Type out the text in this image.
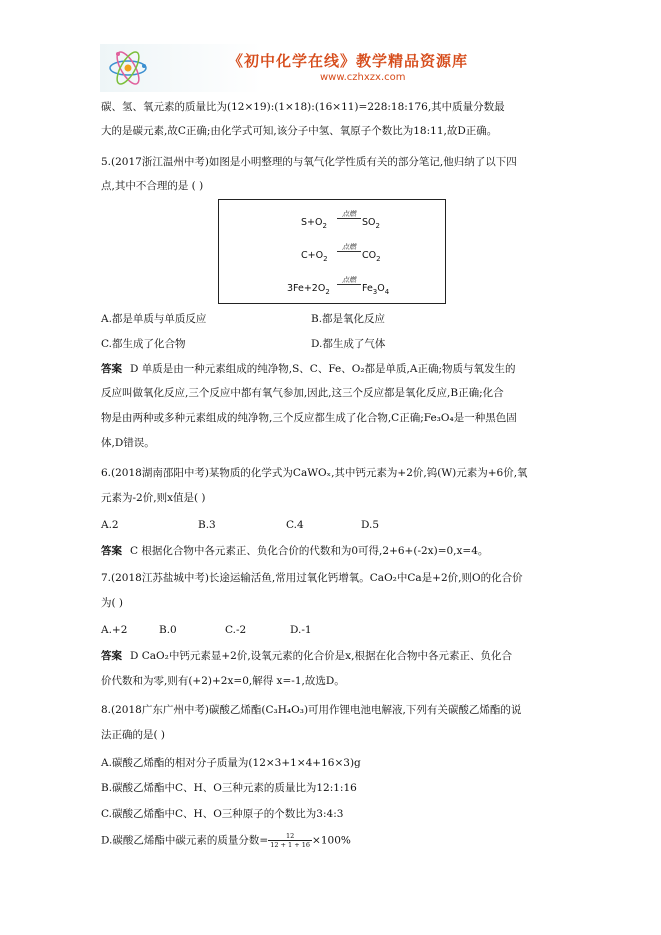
《初中化学在线》教学精品资源库
www.czhxzx.com
碳、氢、氧元素的质量比为(12×19):(1×18):(16×11)=228:18:176,其中质量分数最
大的是碳元素,故C正确;由化学式可知,该分子中氢、氧原子个数比为18:11,故D正确。
5.(2017浙江温州中考)如图是小明整理的与氧气化学性质有关的部分笔记,他归纳了以下四
点,其中不合理的是 ( )
$S+O_2$
点燃
$SO_2$
$C+O_2$
点燃
$CO_2$
$3Fe+2O_2$
点燃
$Fe_3O_4$
A.都是单质与单质反应	B.都是氧化反应
C.都生成了化合物	D.都生成了气体
答案 D 单质是由一种元素组成的纯净物,S、C、Fe、O₂都是单质,A正确;物质与氧发生的
反应叫做氧化反应,三个反应中都有氧气参加,因此,这三个反应都是氧化反应,B正确;化合
物是由两种或多种元素组成的纯净物,三个反应都生成了化合物,C正确;Fe₃O₄是一种黑色固
体,D错误。
6.(2018湖南邵阳中考)某物质的化学式为CaWOₓ,其中钙元素为+2价,钨(W)元素为+6价,氧
元素为-2价,则x值是( )
A.2	B.3	C.4	D.5
答案 C 根据化合物中各元素正、负化合价的代数和为0可得,2+6+(-2x)=0,x=4。
7.(2018江苏盐城中考)长途运输活鱼,常用过氧化钙增氧。CaO₂中Ca是+2价,则O的化合价
为( )
A.+2	B.0	C.-2	D.-1
答案 D CaO₂中钙元素显+2价,设氧元素的化合价是x,根据在化合物中各元素正、负化合
价代数和为零,则有(+2)+2x=0,解得 x=-1,故选D。
8.(2018广东广州中考)碳酸乙烯酯(C₃H₄O₃)可用作锂电池电解液,下列有关碳酸乙烯酯的说
法正确的是( )
A.碳酸乙烯酯的相对分子质量为(12×3+1×4+16×3)g
B.碳酸乙烯酯中C、H、O三种元素的质量比为12:1:16
C.碳酸乙烯酯中C、H、O三种原子的个数比为3:4:3
D.碳酸乙烯酯中碳元素的质量分数= $\frac{12}{12 + 1 + 16} \times 100\%$
